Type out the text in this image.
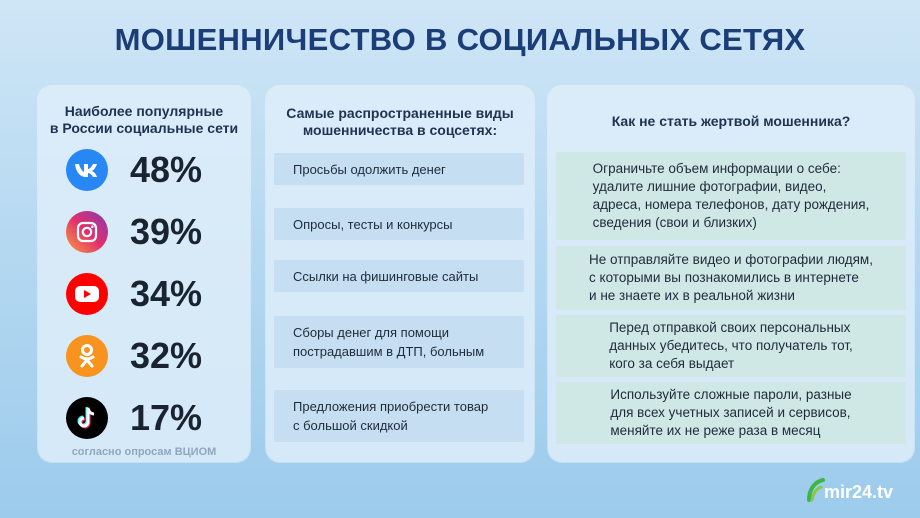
МОШЕННИЧЕСТВО В СОЦИАЛЬНЫХ СЕТЯХ
Наиболее популярные
в России социальные сети
48%
39%
34%
32%
17%
согласно опросам ВЦИОМ
Самые распространенные виды
мошенничества в соцсетях:
Просьбы одолжить денег
Опросы, тесты и конкурсы
Ссылки на фишинговые сайты
Сборы денег для помощи
пострадавшим в ДТП, больным
Предложения приобрести товар
с большой скидкой
Как не стать жертвой мошенника?
Ограничьте объем информации о себе:
удалите лишние фотографии, видео,
адреса, номера телефонов, дату рождения,
сведения (свои и близких)
Не отправляйте видео и фотографии людям,
с которыми вы познакомились в интернете
и не знаете их в реальной жизни
Перед отправкой своих персональных
данных убедитесь, что получатель тот,
кого за себя выдает
Используйте сложные пароли, разные
для всех учетных записей и сервисов,
меняйте их не реже раза в месяц
mir24.tv
